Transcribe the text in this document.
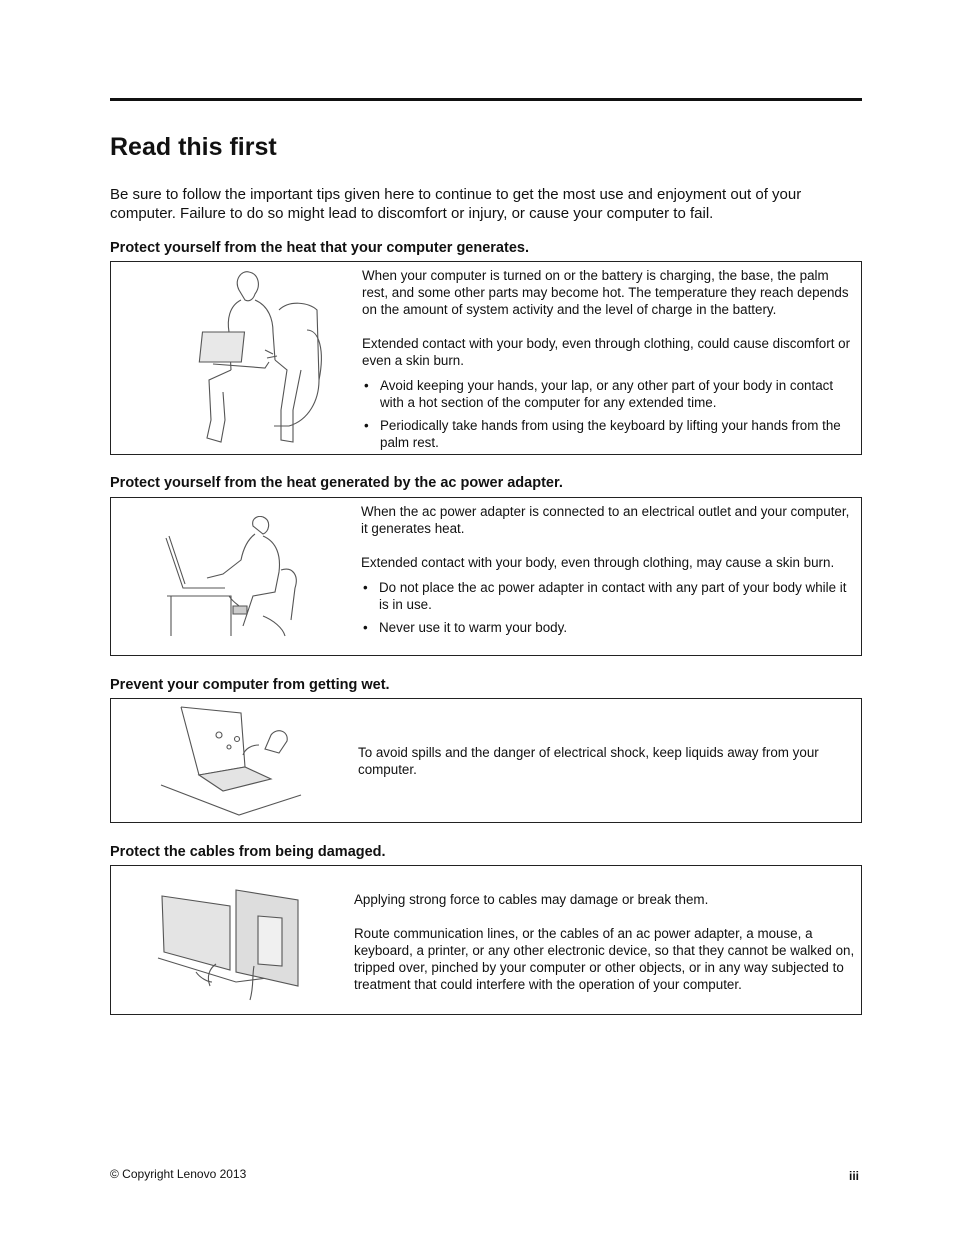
Read this first

Be sure to follow the important tips given here to continue to get the most use and enjoyment out of your computer. Failure to do so might lead to discomfort or injury, or cause your computer to fail.

Protect yourself from the heat that your computer generates.

When your computer is turned on or the battery is charging, the base, the palm rest, and some other parts may become hot. The temperature they reach depends on the amount of system activity and the level of charge in the battery.

Extended contact with your body, even through clothing, could cause discomfort or even a skin burn.

• Avoid keeping your hands, your lap, or any other part of your body in contact with a hot section of the computer for any extended time.
• Periodically take hands from using the keyboard by lifting your hands from the palm rest.
Protect yourself from the heat generated by the ac power adapter.

When the ac power adapter is connected to an electrical outlet and your computer, it generates heat.

Extended contact with your body, even through clothing, may cause a skin burn.

• Do not place the ac power adapter in contact with any part of your body while it is in use.
• Never use it to warm your body.
Prevent your computer from getting wet.

To avoid spills and the danger of electrical shock, keep liquids away from your computer.

Protect the cables from being damaged.

Applying strong force to cables may damage or break them.

Route communication lines, or the cables of an ac power adapter, a mouse, a keyboard, a printer, or any other electronic device, so that they cannot be walked on, tripped over, pinched by your computer or other objects, or in any way subjected to treatment that could interfere with the operation of your computer.

© Copyright Lenovo 2013	iii
